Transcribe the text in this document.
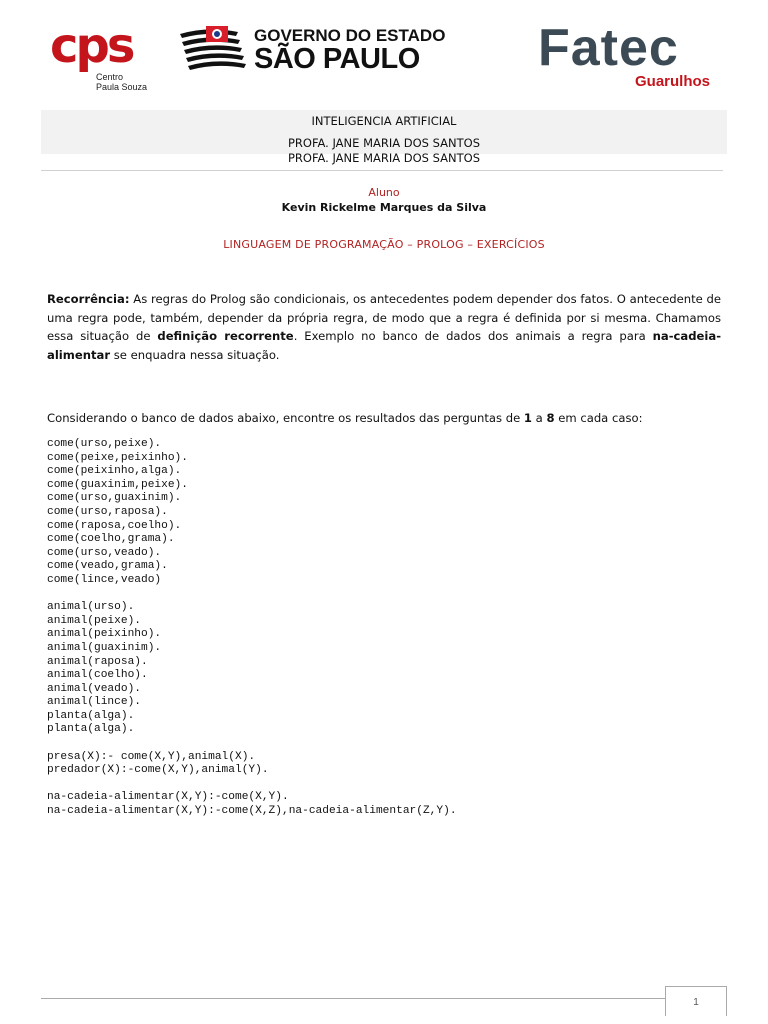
cps
Centro
Paula Souza
GOVERNO DO ESTADO
SÃO PAULO Fatec
Guarulhos
INTELIGENCIA ARTIFICIAL
PROFA. JANE MARIA DOS SANTOS
PROFA. JANE MARIA DOS SANTOS
Aluno
Kevin Rickelme Marques da Silva
LINGUAGEM DE PROGRAMAÇÃO – PROLOG – EXERCÍCIOS
Recorrência: As regras do Prolog são condicionais, os antecedentes podem depender dos fatos. O antecedente de uma regra pode, também, depender da própria regra, de modo que a regra é definida por si mesma. Chamamos essa situação de definição recorrente. Exemplo no banco de dados dos animais a regra para na-cadeia-alimentar se enquadra nessa situação.
Considerando o banco de dados abaixo, encontre os resultados das perguntas de 1 a 8 em cada caso:
come(urso,peixe).
come(peixe,peixinho).
come(peixinho,alga).
come(guaxinim,peixe).
come(urso,guaxinim).
come(urso,raposa).
come(raposa,coelho).
come(coelho,grama).
come(urso,veado).
come(veado,grama).
come(lince,veado)
animal(urso).
animal(peixe).
animal(peixinho).
animal(guaxinim).
animal(raposa).
animal(coelho).
animal(veado).
animal(lince).
planta(alga).
planta(alga).
presa(X):- come(X,Y),animal(X).
predador(X):-come(X,Y),animal(Y).
na-cadeia-alimentar(X,Y):-come(X,Y).
na-cadeia-alimentar(X,Y):-come(X,Z),na-cadeia-alimentar(Z,Y).
1
